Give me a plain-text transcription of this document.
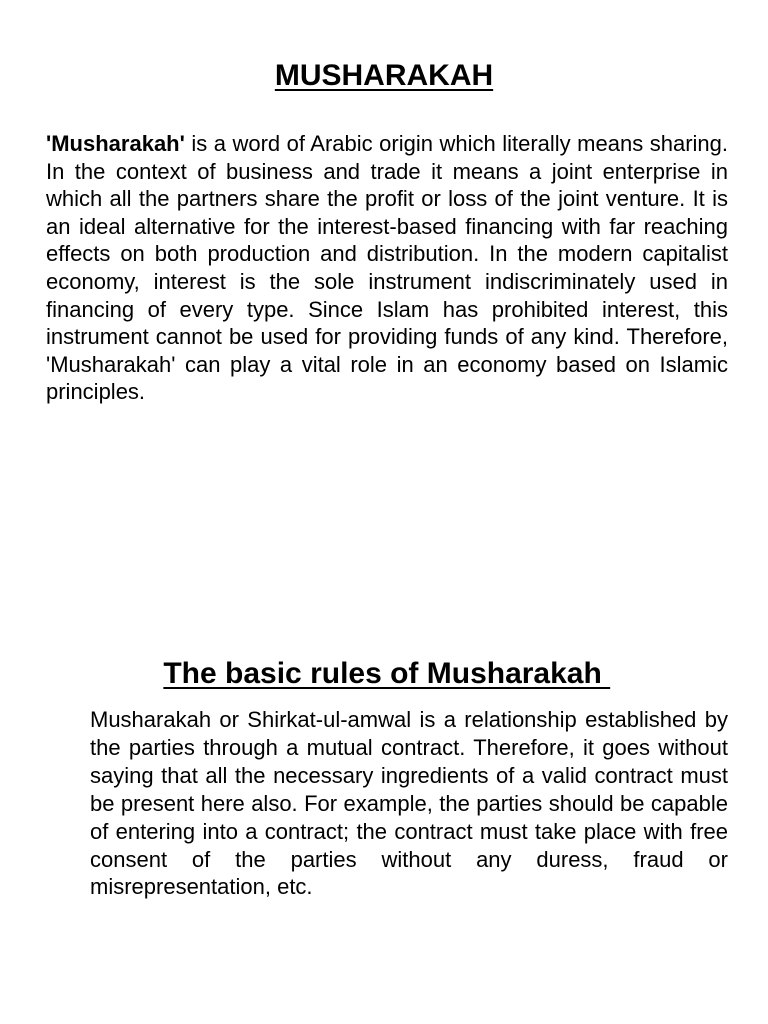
MUSHARAKAH

'Musharakah' is a word of Arabic origin which literally means sharing. In the context of business and trade it means a joint enterprise in which all the partners share the profit or loss of the joint venture. It is an ideal alternative for the interest-based financing with far reaching effects on both production and distribution. In the modern capitalist economy, interest is the sole instrument indiscriminately used in financing of every type. Since Islam has prohibited interest, this instrument cannot be used for providing funds of any kind. Therefore, 'Musharakah' can play a vital role in an economy based on Islamic principles.

The basic rules of Musharakah

Musharakah or Shirkat-ul-amwal is a relationship established by the parties through a mutual contract. Therefore, it goes without saying that all the necessary ingredients of a valid contract must be present here also. For example, the parties should be capable of entering into a contract; the contract must take place with free consent of the parties without any duress, fraud or misrepresentation, etc.
